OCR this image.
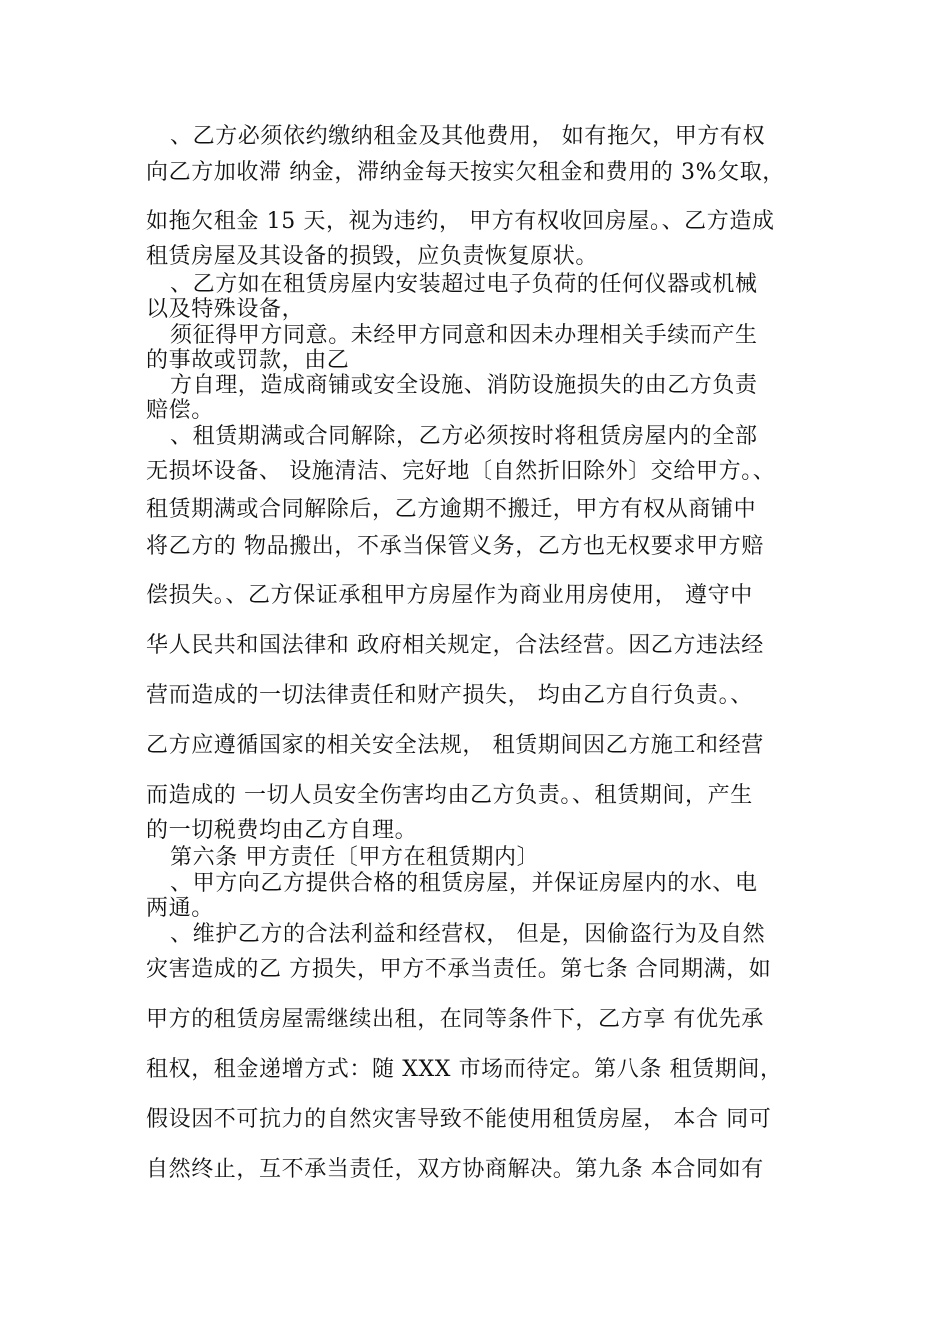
、乙方必须依约缴纳租金及其他费用， 如有拖欠，甲方有权
向乙方加收滞 纳金，滞纳金每天按实欠租金和费用的 3%攵取，
如拖欠租金 15 天，视为违约， 甲方有权收回房屋。、乙方造成
租赁房屋及其设备的损毁，应负责恢复原状。
、乙方如在租赁房屋内安装超过电子负荷的任何仪器或机械
以及特殊设备，
须征得甲方同意。未经甲方同意和因未办理相关手续而产生
的事故或罚款，由乙
方自理，造成商铺或安全设施、消防设施损失的由乙方负责
赔偿。
、租赁期满或合同解除，乙方必须按时将租赁房屋内的全部
无损坏设备、 设施清洁、完好地〔自然折旧除外〕交给甲方。、
租赁期满或合同解除后，乙方逾期不搬迁，甲方有权从商铺中
将乙方的 物品搬出，不承当保管义务，乙方也无权要求甲方赔
偿损失。、乙方保证承租甲方房屋作为商业用房使用， 遵守中
华人民共和国法律和 政府相关规定，合法经营。因乙方违法经
营而造成的一切法律责任和财产损失， 均由乙方自行负责。、
乙方应遵循国家的相关安全法规， 租赁期间因乙方施工和经营
而造成的 一切人员安全伤害均由乙方负责。、租赁期间，产生
的一切税费均由乙方自理。
第六条 甲方责任〔甲方在租赁期内〕
、甲方向乙方提供合格的租赁房屋，并保证房屋内的水、电
两通。
、维护乙方的合法利益和经营权， 但是，因偷盗行为及自然
灾害造成的乙 方损失，甲方不承当责任。第七条 合同期满，如
甲方的租赁房屋需继续出租，在同等条件下，乙方享 有优先承
租权，租金递增方式：随 XXX 市场而待定。第八条 租赁期间，
假设因不可抗力的自然灾害导致不能使用租赁房屋， 本合 同可
自然终止，互不承当责任，双方协商解决。第九条 本合同如有
